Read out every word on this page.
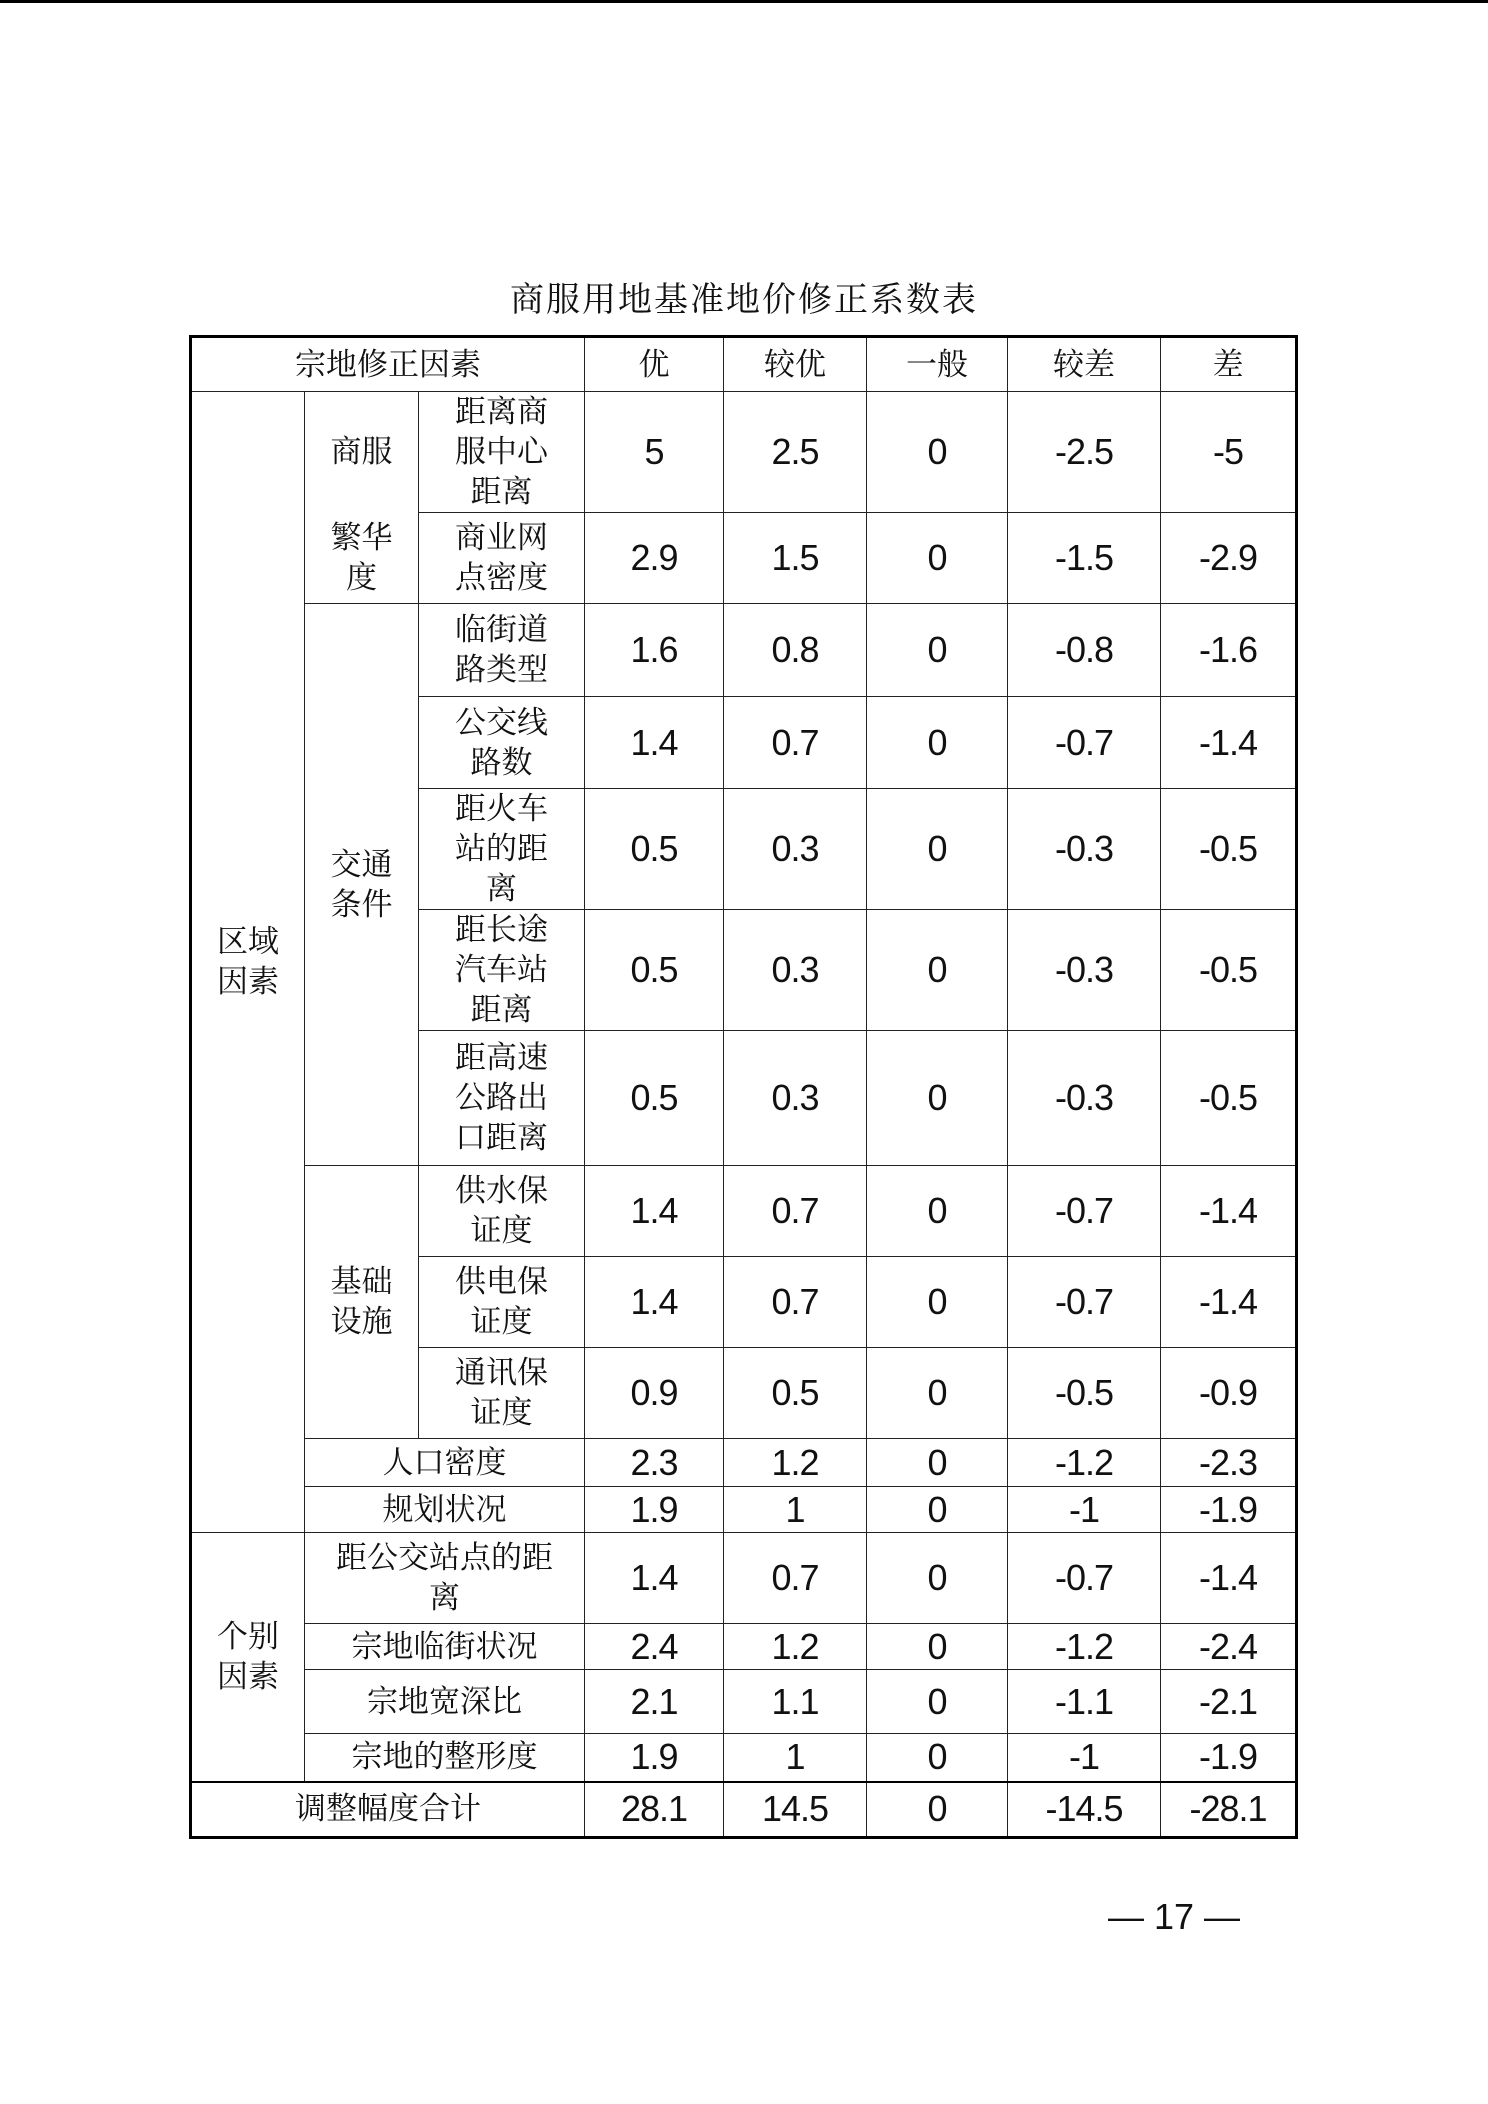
商服用地基准地价修正系数表
宗地修正因素			优	较优	一般	较差	差

区域
因素	商服	距离商
服中心
距离	5	2.5	0	-2.5	-5

	繁华
度	商业网
点密度	2.9	1.5	0	-1.5	-2.9

	交通
条件	临街道
路类型	1.6	0.8	0	-0.8	-1.6

		公交线
路数	1.4	0.7	0	-0.7	-1.4

		距火车
站的距
离	0.5	0.3	0	-0.3	-0.5

		距长途
汽车站
距离	0.5	0.3	0	-0.3	-0.5

		距高速
公路出
口距离	0.5	0.3	0	-0.3	-0.5

	基础
设施	供水保
证度	1.4	0.7	0	-0.7	-1.4

		供电保
证度	1.4	0.7	0	-0.7	-1.4

		通讯保
证度	0.9	0.5	0	-0.5	-0.9
	人口密度		2.3	1.2	0	-1.2	-2.3
	规划状况		1.9	1	0	-1	-1.9

个别
因素	距公交站点的距
离		1.4	0.7	0	-0.7	-1.4
	宗地临街状况		2.4	1.2	0	-1.2	-2.4
	宗地宽深比		2.1	1.1	0	-1.1	-2.1
	宗地的整形度		1.9	1	0	-1	-1.9
调整幅度合计			28.1	14.5	0	-14.5	-28.1
— 17 —
